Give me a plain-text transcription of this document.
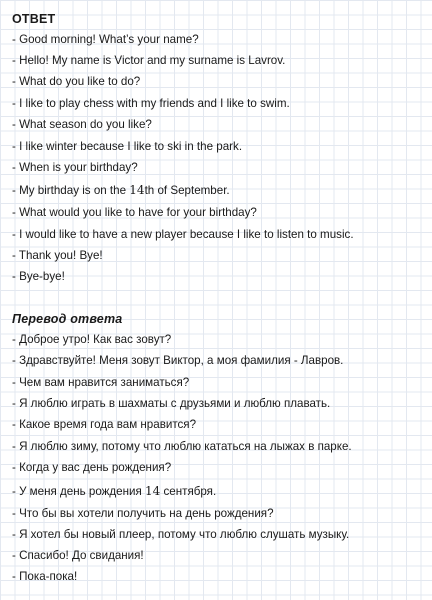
ОТВЕТ
- Good morning! What’s your name?
- Hello! My name is Victor and my surname is Lavrov.
- What do you like to do?
- I like to play chess with my friends and I like to swim.
- What season do you like?
- I like winter because I like to ski in the park.
- When is your birthday?
- My birthday is on the 14th of September.
- What would you like to have for your birthday?
- I would like to have a new player because I like to listen to music.
- Thank you! Bye!
- Bye-bye!
Перевод ответа
- Доброе утро! Как вас зовут?
- Здравствуйте! Меня зовут Виктор, а моя фамилия - Лавров.
- Чем вам нравится заниматься?
- Я люблю играть в шахматы с друзьями и люблю плавать.
- Какое время года вам нравится?
- Я люблю зиму, потому что люблю кататься на лыжах в парке.
- Когда у вас день рождения?
- У меня день рождения 14 сентября.
- Что бы вы хотели получить на день рождения?
- Я хотел бы новый плеер, потому что люблю слушать музыку.
- Спасибо! До свидания!
- Пока-пока!
